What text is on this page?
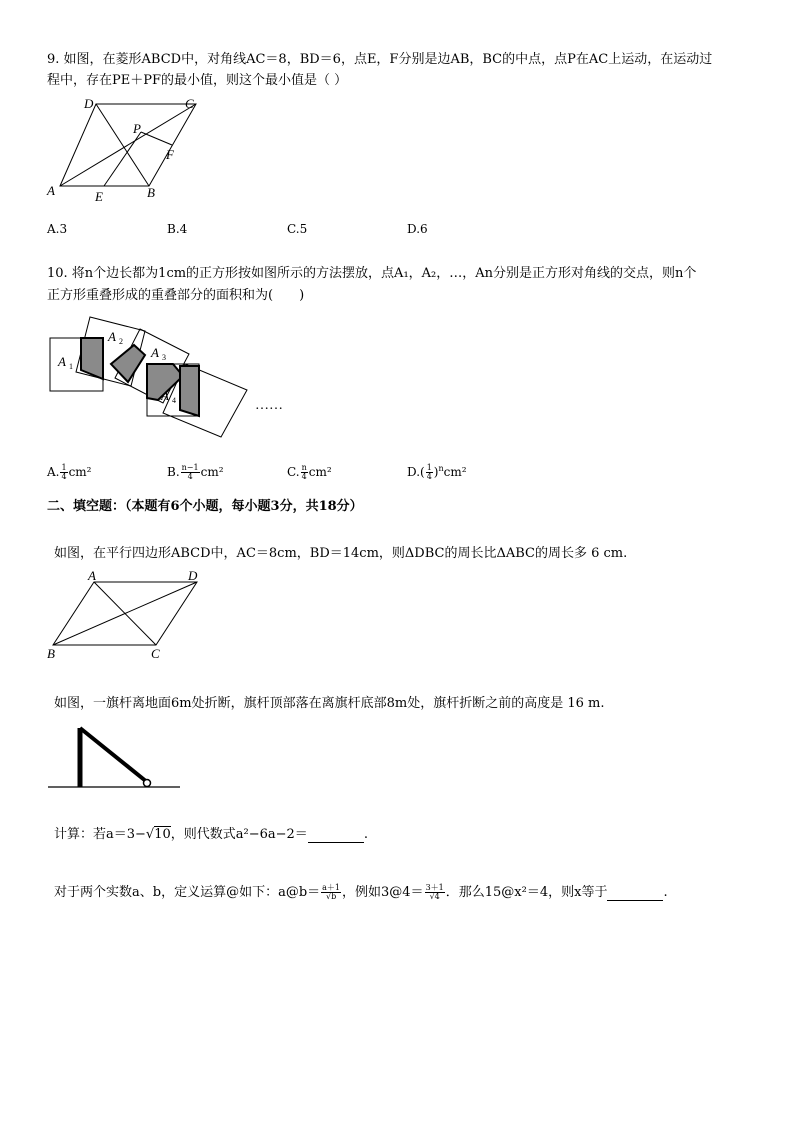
9. 如图，在菱形ABCD中，对角线AC＝8，BD＝6，点E，F分别是边AB，BC的中点，点P在AC上运动，在运动过
程中，存在PE＋PF的最小值，则这个最小值是（ ）
A	B
C
D
E
F
P
A.3	B.4	C.5	D.6
10. 将n个边长都为1cm的正方形按如图所示的方法摆放，点A₁，A₂，…，An分别是正方形对角线的交点，则n个
正方形重叠形成的重叠部分的面积和为(　　)
A 1
A 2
A 3
A 4	……
A. $\frac{1}{4} cm^2$	B. $\frac{n-1}{4} cm^2$	C. $\frac{n}{4} cm^2$	$D.( \frac{1}{4} )^ncm^2$
二、填空题：（本题有6个小题，每小题3分，共18分）
如图，在平行四边形ABCD中，AC＝8cm，BD＝14cm，则ΔDBC的周长比ΔABC的周长多 6 cm.
A
B	C
D
如图，一旗杆离地面6m处折断，旗杆顶部落在离旗杆底部8m处，旗杆折断之前的高度是 16 m.
计算：若a＝3−√10，则代数式a²−6a−2＝	.
对于两个实数a、b，定义运算@如下：a@b＝ $\frac{a+1}{√b}$ ，例如3@4＝ $\frac{3+1}{√4}$ ．那么15@x²＝4，则x等于	.
